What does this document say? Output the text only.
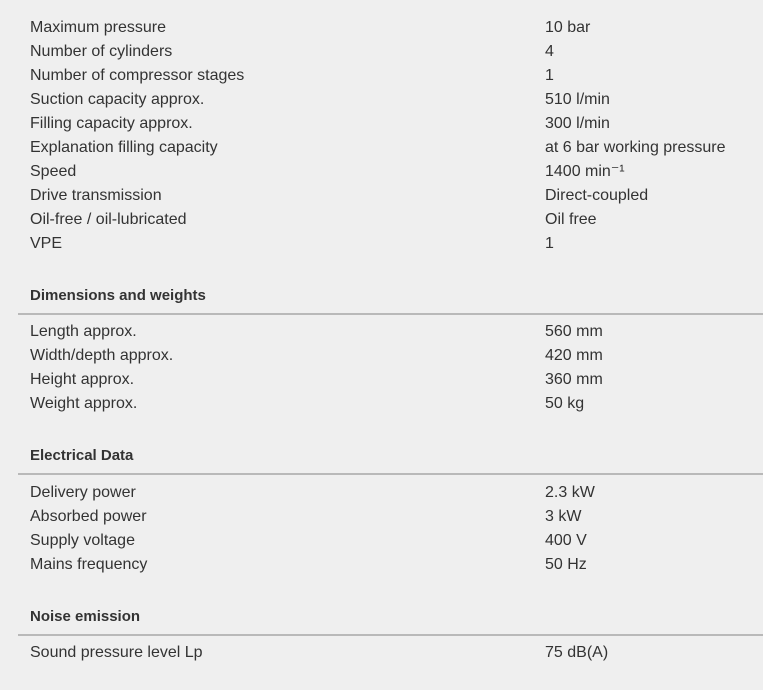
Maximum pressure	10 bar
Number of cylinders	4
Number of compressor stages	1
Suction capacity approx.	510 l/min
Filling capacity approx.	300 l/min
Explanation filling capacity	at 6 bar working pressure
Speed	1400 min⁻¹
Drive transmission	Direct-coupled
Oil-free / oil-lubricated	Oil free
VPE	1
Dimensions and weights
Length approx.	560 mm
Width/depth approx.	420 mm
Height approx.	360 mm
Weight approx.	50 kg
Electrical Data
Delivery power	2.3 kW
Absorbed power	3 kW
Supply voltage	400 V
Mains frequency	50 Hz
Noise emission
Sound pressure level Lp	75 dB(A)
